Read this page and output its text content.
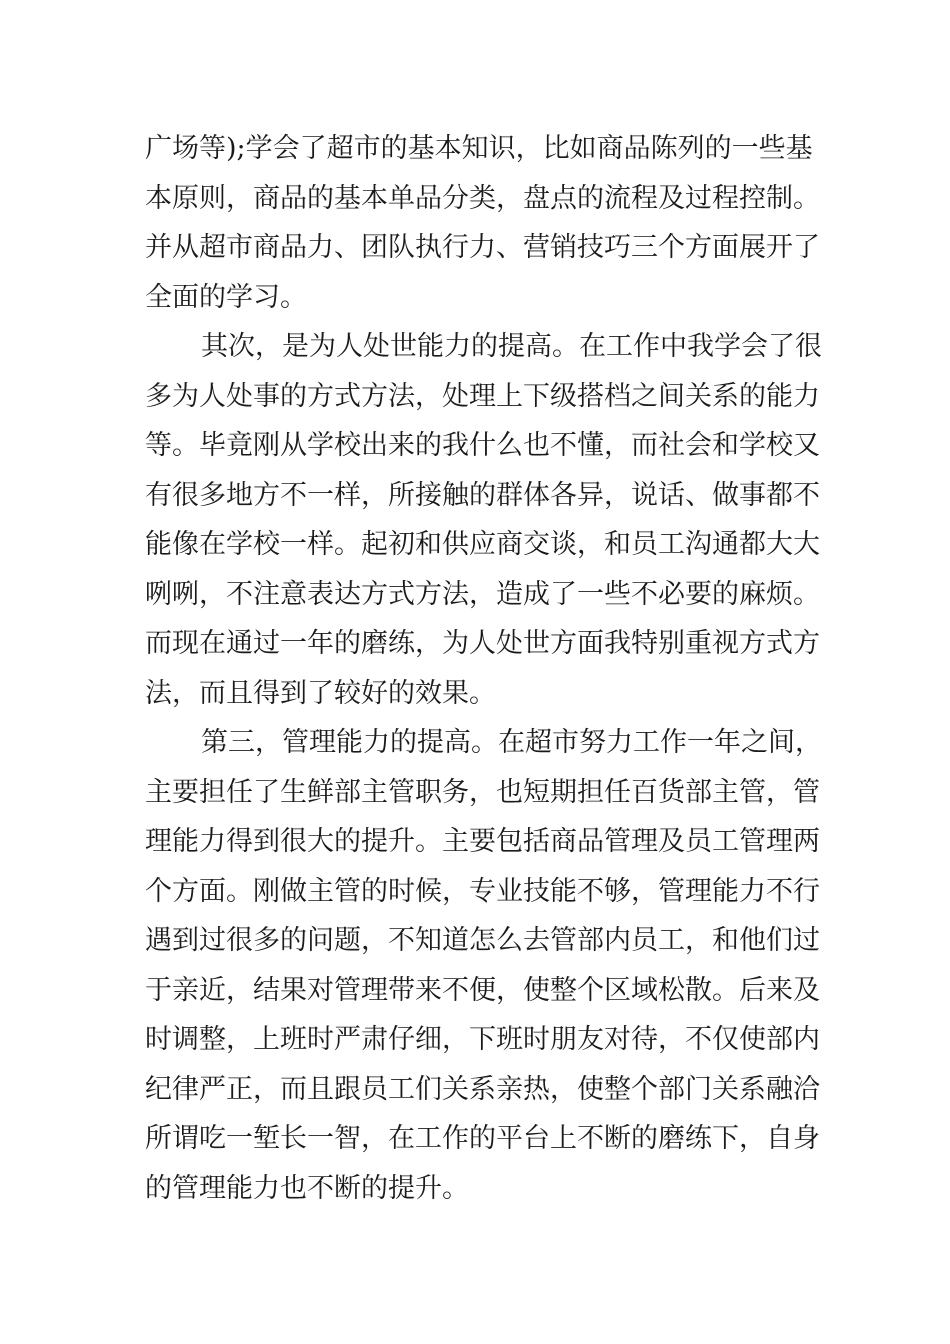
广场等);学会了超市的基本知识，比如商品陈列的一些基
本原则，商品的基本单品分类，盘点的流程及过程控制。
并从超市商品力、团队执行力、营销技巧三个方面展开了
全面的学习。
其次，是为人处世能力的提高。在工作中我学会了很
多为人处事的方式方法，处理上下级搭档之间关系的能力
等。毕竟刚从学校出来的我什么也不懂，而社会和学校又
有很多地方不一样，所接触的群体各异，说话、做事都不
能像在学校一样。起初和供应商交谈，和员工沟通都大大
咧咧，不注意表达方式方法，造成了一些不必要的麻烦。
而现在通过一年的磨练，为人处世方面我特别重视方式方
法，而且得到了较好的效果。
第三，管理能力的提高。在超市努力工作一年之间，
主要担任了生鲜部主管职务，也短期担任百货部主管，管
理能力得到很大的提升。主要包括商品管理及员工管理两
个方面。刚做主管的时候，专业技能不够，管理能力不行
遇到过很多的问题，不知道怎么去管部内员工，和他们过
于亲近，结果对管理带来不便，使整个区域松散。后来及
时调整，上班时严肃仔细，下班时朋友对待，不仅使部内
纪律严正，而且跟员工们关系亲热，使整个部门关系融洽
所谓吃一堑长一智，在工作的平台上不断的磨练下，自身
的管理能力也不断的提升。
